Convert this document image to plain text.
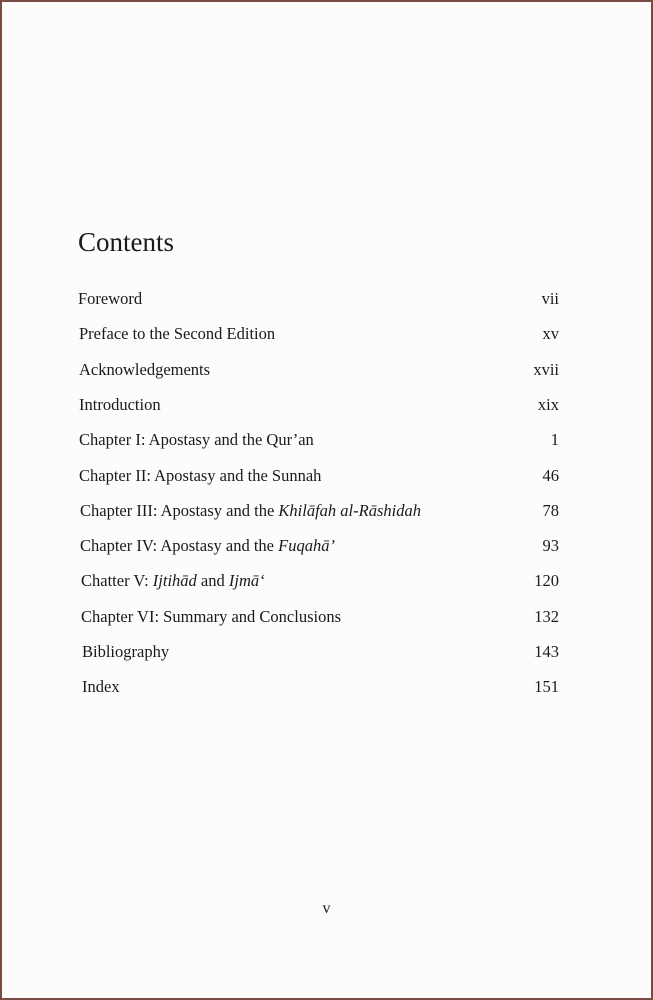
Contents
Foreword	vii
Preface to the Second Edition	xv
Acknowledgements	xvii
Introduction	xix
Chapter I: Apostasy and the Qur’an	1
Chapter II: Apostasy and the Sunnah	46
Chapter III: Apostasy and the Khilāfah al-Rāshidah	78
Chapter IV: Apostasy and the Fuqahā’	93
Chatter V: Ijtihād and Ijmā‘	120
Chapter VI: Summary and Conclusions	132
Bibliography	143
Index	151
v
